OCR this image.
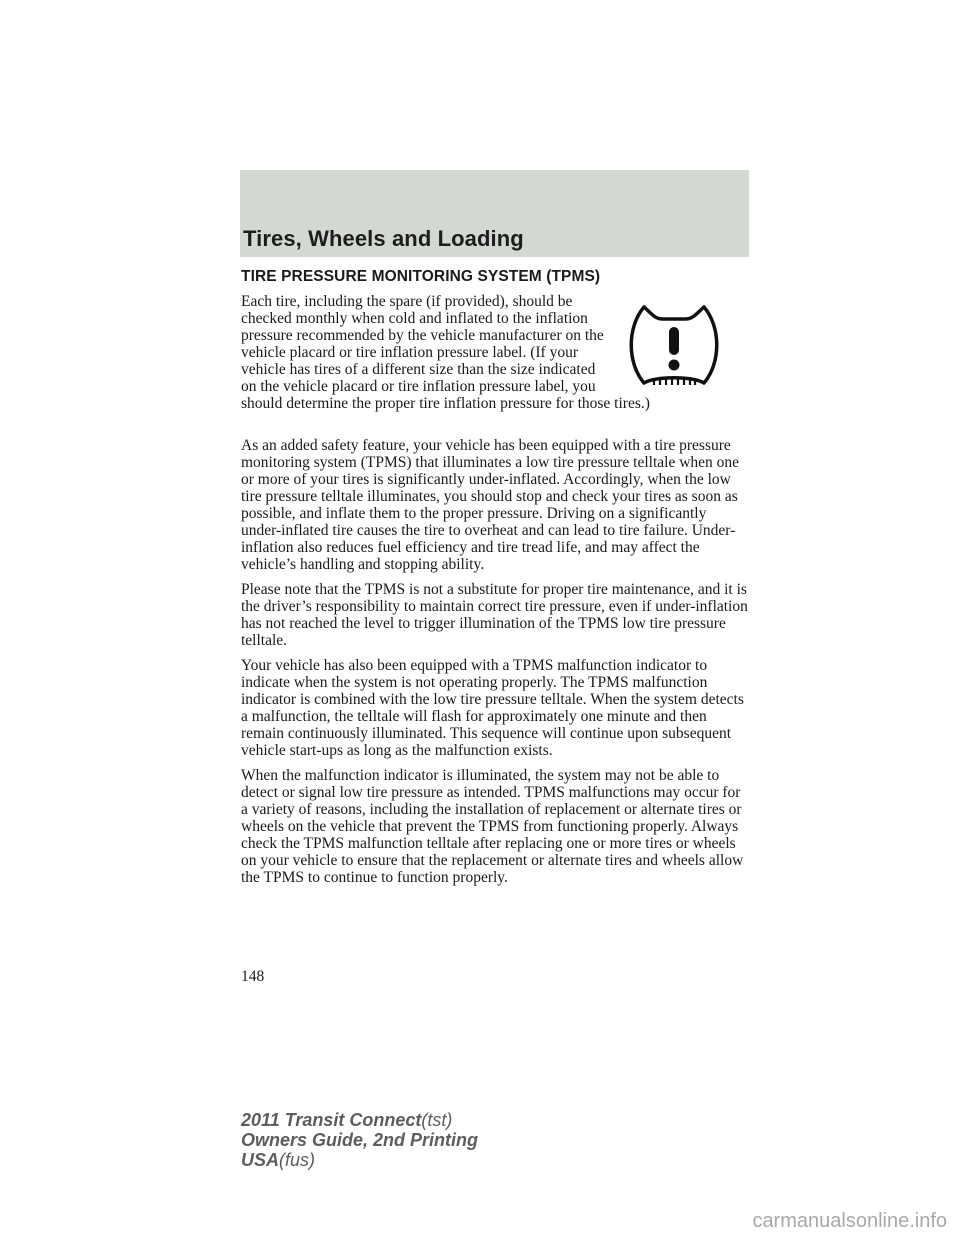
Tires, Wheels and Loading
TIRE PRESSURE MONITORING SYSTEM (TPMS)

Each tire, including the spare (if provided), should be checked monthly when cold and inflated to the inflation pressure recommended by the vehicle manufacturer on the vehicle placard or tire inflation pressure label. (If your vehicle has tires of a different size than the size indicated on the vehicle placard or tire inflation pressure label, you should determine the proper tire inflation pressure for those tires.)

As an added safety feature, your vehicle has been equipped with a tire pressure monitoring system (TPMS) that illuminates a low tire pressure telltale when one or more of your tires is significantly under-inflated. Accordingly, when the low tire pressure telltale illuminates, you should stop and check your tires as soon as possible, and inflate them to the proper pressure. Driving on a significantly under-inflated tire causes the tire to overheat and can lead to tire failure. Under-inflation also reduces fuel efficiency and tire tread life, and may affect the vehicle’s handling and stopping ability.

Please note that the TPMS is not a substitute for proper tire maintenance, and it is the driver’s responsibility to maintain correct tire pressure, even if under-inflation has not reached the level to trigger illumination of the TPMS low tire pressure telltale.

Your vehicle has also been equipped with a TPMS malfunction indicator to indicate when the system is not operating properly. The TPMS malfunction indicator is combined with the low tire pressure telltale. When the system detects a malfunction, the telltale will flash for approximately one minute and then remain continuously illuminated. This sequence will continue upon subsequent vehicle start-ups as long as the malfunction exists.

When the malfunction indicator is illuminated, the system may not be able to detect or signal low tire pressure as intended. TPMS malfunctions may occur for a variety of reasons, including the installation of replacement or alternate tires or wheels on the vehicle that prevent the TPMS from functioning properly. Always check the TPMS malfunction telltale after replacing one or more tires or wheels on your vehicle to ensure that the replacement or alternate tires and wheels allow the TPMS to continue to function properly.

148
2011 Transit Connect(tst)
Owners Guide, 2nd Printing
USA(fus)
carmanualsonline.info
